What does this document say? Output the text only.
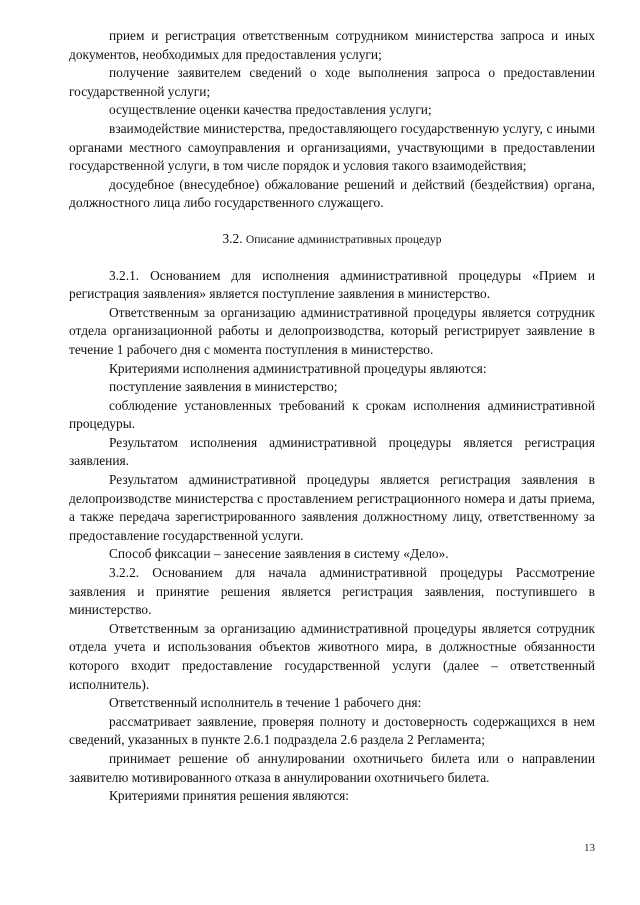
прием и регистрация ответственным сотрудником министерства запроса и иных документов, необходимых для предоставления услуги;

получение заявителем сведений о ходе выполнения запроса о предоставлении государственной услуги;

осуществление оценки качества предоставления услуги;

взаимодействие министерства, предоставляющего государственную услугу, с иными органами местного самоуправления и организациями, участвующими в предоставлении государственной услуги, в том числе порядок и условия такого взаимодействия;

досудебное (внесудебное) обжалование решений и действий (бездействия) органа, должностного лица либо государственного служащего.

3.2. Описание административных процедур

3.2.1. Основанием для исполнения административной процедуры «Прием и регистрация заявления» является поступление заявления в министерство.

Ответственным за организацию административной процедуры является сотрудник отдела организационной работы и делопроизводства, который регистрирует заявление в течение 1 рабочего дня с момента поступления в министерство.

Критериями исполнения административной процедуры являются:

поступление заявления в министерство;

соблюдение установленных требований к срокам исполнения административной процедуры.

Результатом исполнения административной процедуры является регистрация заявления.

Результатом административной процедуры является регистрация заявления в делопроизводстве министерства с проставлением регистрационного номера и даты приема, а также передача зарегистрированного заявления должностному лицу, ответственному за предоставление государственной услуги.

Способ фиксации – занесение заявления в систему «Дело».

3.2.2. Основанием для начала административной процедуры Рассмотрение заявления и принятие решения является регистрация заявления, поступившего в министерство.

Ответственным за организацию административной процедуры является сотрудник отдела учета и использования объектов животного мира, в должностные обязанности которого входит предоставление государственной услуги (далее – ответственный исполнитель).

Ответственный исполнитель в течение 1 рабочего дня:

рассматривает заявление, проверяя полноту и достоверность содержащихся в нем сведений, указанных в пункте 2.6.1 подраздела 2.6 раздела 2 Регламента;

принимает решение об аннулировании охотничьего билета или о направлении заявителю мотивированного отказа в аннулировании охотничьего билета.

Критериями принятия решения являются:

13
